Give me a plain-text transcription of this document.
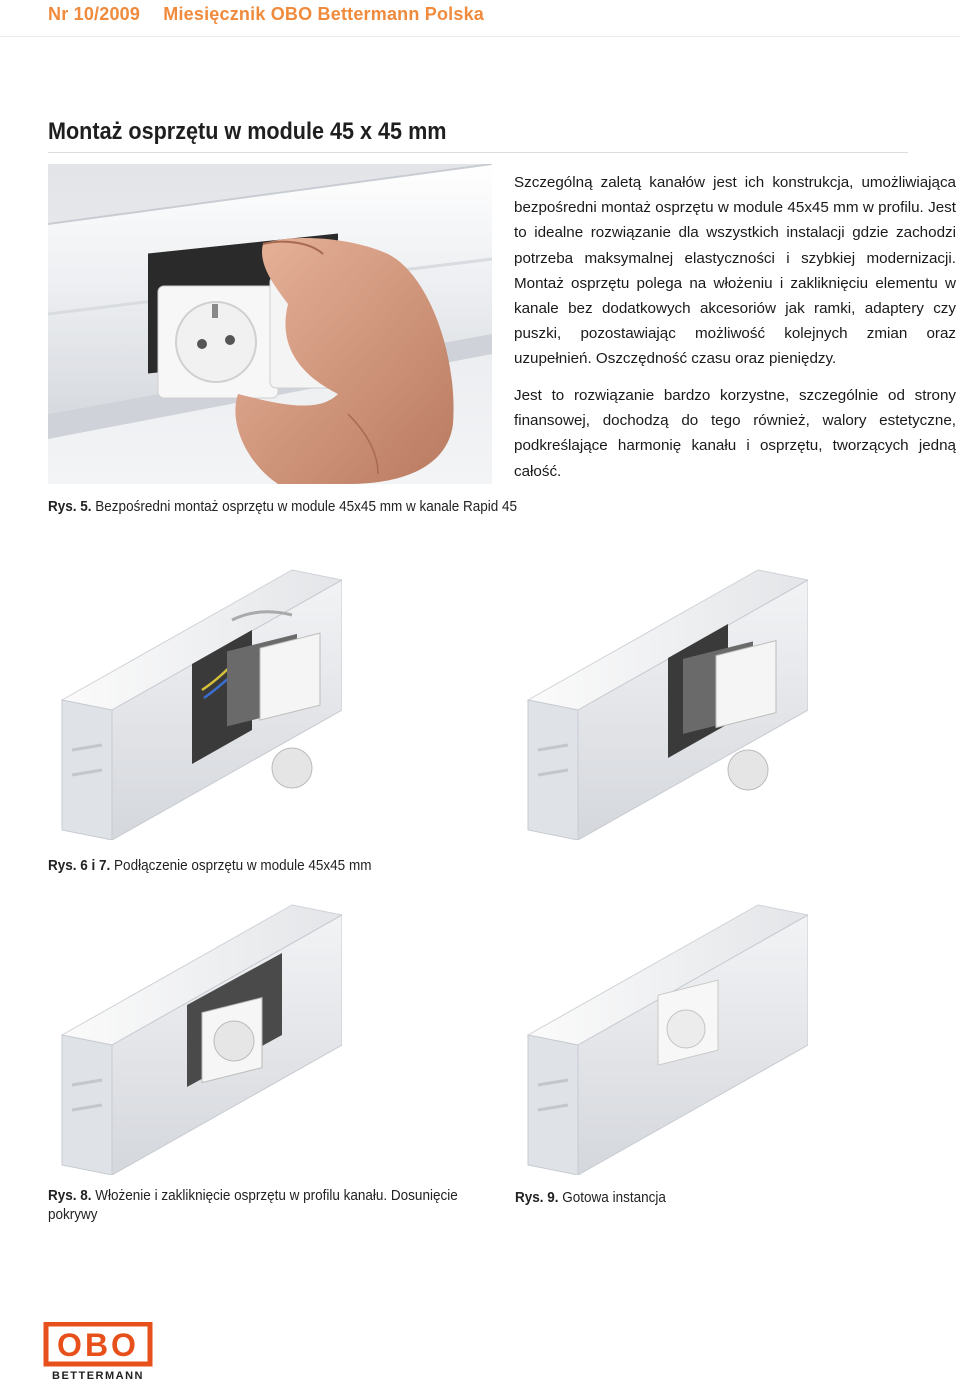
Nr 10/2009 Miesięcznik OBO Bettermann Polska
Montaż osprzętu w module 45 x 45 mm
Szczególną zaletą kanałów jest ich konstrukcja, umożliwiająca bezpośredni montaż osprzętu w module 45x45 mm w profilu. Jest to idealne rozwiązanie dla wszystkich instalacji gdzie zachodzi potrzeba maksymalnej elastyczności i szybkiej modernizacji. Montaż osprzętu polega na włożeniu i zakliknięciu elementu w kanale bez dodatkowych akcesoriów jak ramki, adaptery czy puszki, pozostawiając możliwość kolejnych zmian oraz uzupełnień. Oszczędność czasu oraz pieniędzy.
Jest to rozwiązanie bardzo korzystne, szczególnie od strony finansowej, dochodzą do tego również, walory estetyczne, podkreślające harmonię kanału i osprzętu, tworzących jedną całość.
Rys. 5. Bezpośredni montaż osprzętu w module 45x45 mm w kanale Rapid 45
Rys. 6 i 7. Podłączenie osprzętu w module 45x45 mm
Rys. 8. Włożenie i zakliknięcie osprzętu w profilu kanału. Dosunięcie pokrywy
Rys. 9. Gotowa instancja
OBO
BETTERMANN
